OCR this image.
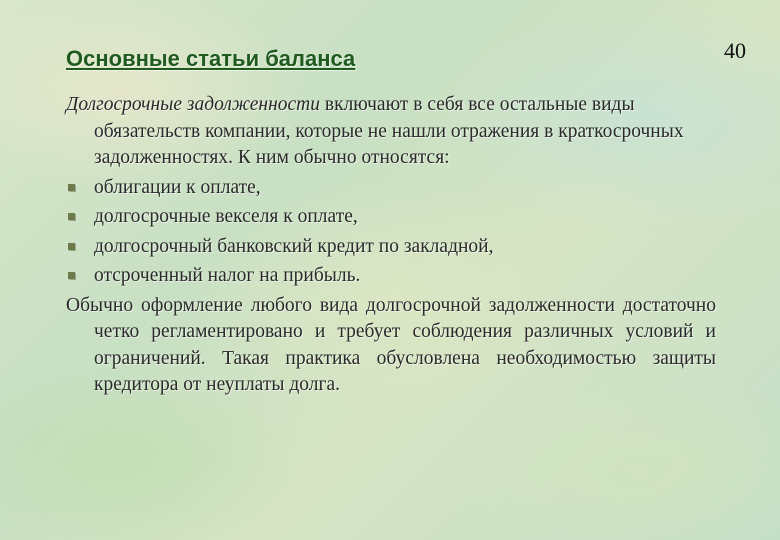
40
Основные статьи баланса

Долгосрочные задолженности включают в себя все остальные виды обязательств компании, которые не нашли отражения в краткосрочных задолженностях. К ним обычно относятся:

облигации к оплате,
долгосрочные векселя к оплате,
долгосрочный банковский кредит по закладной,
отсроченный налог на прибыль.

Обычно оформление любого вида долгосрочной задолженности достаточно четко регламентировано и требует соблюдения различных условий и ограничений. Такая практика обусловлена необходимостью защиты кредитора от неуплаты долга.
